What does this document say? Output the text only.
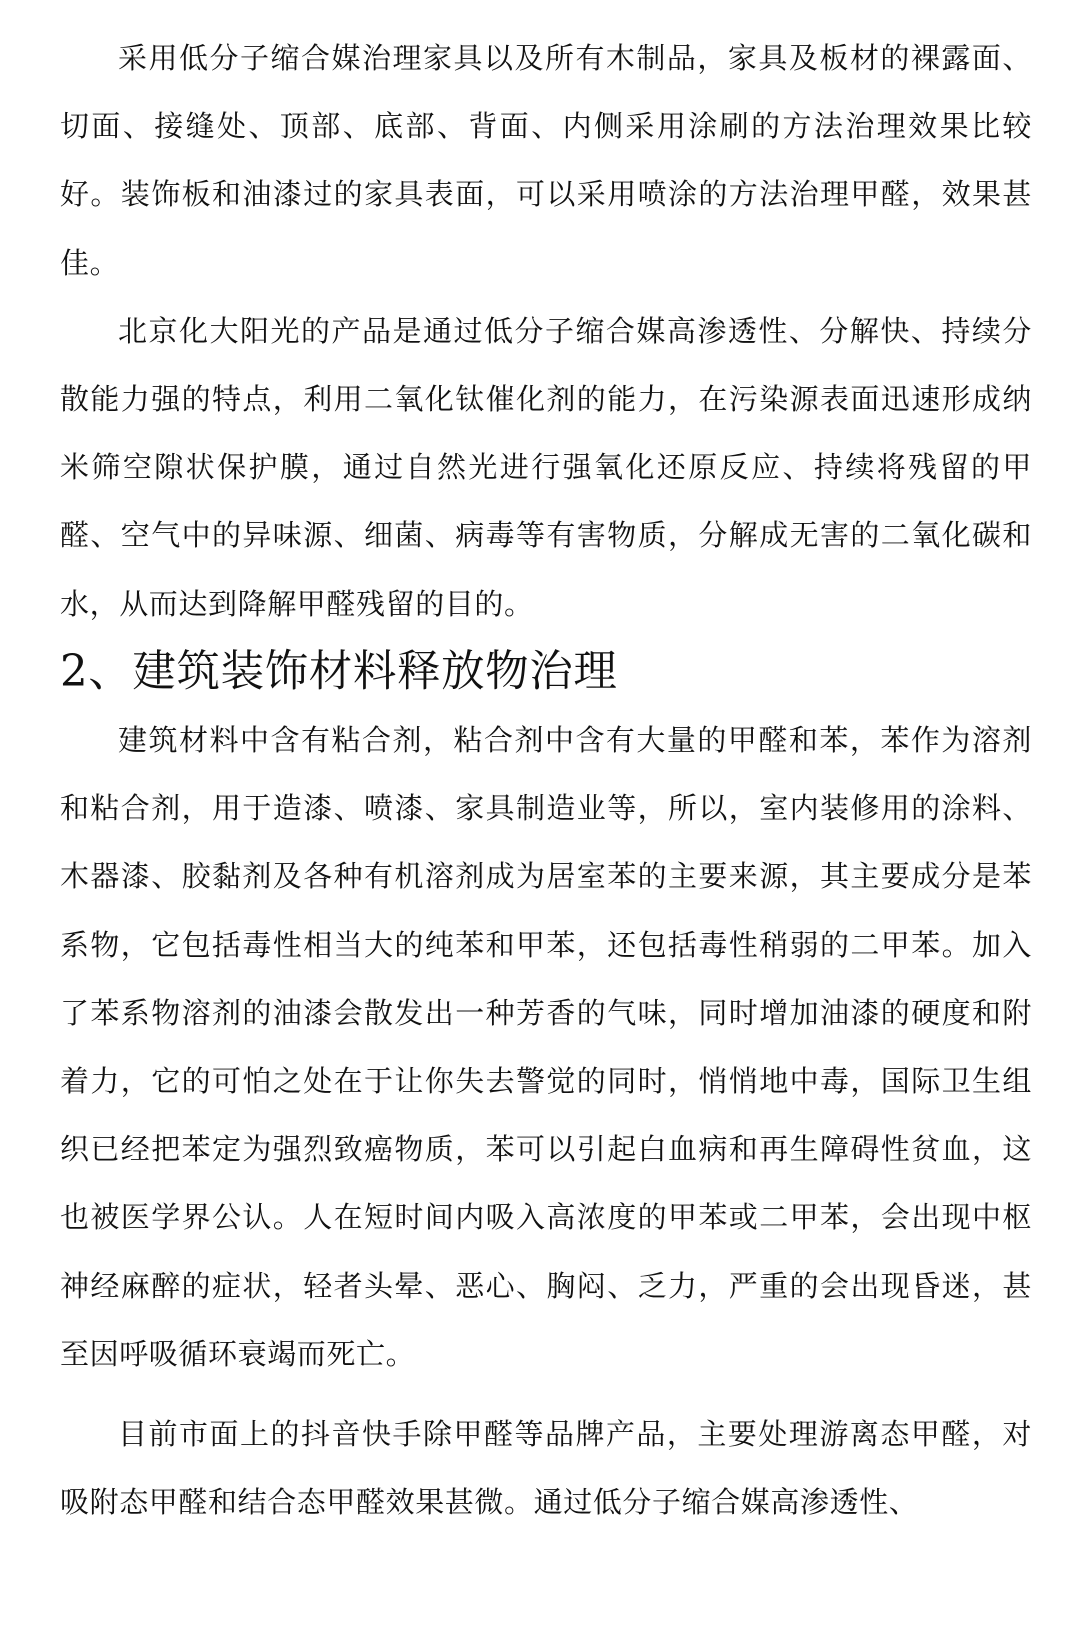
采用低分子缩合媒治理家具以及所有木制品，家具及板材的裸露面、切面、接缝处、顶部、底部、背面、内侧采用涂刷的方法治理效果比较好。装饰板和油漆过的家具表面，可以采用喷涂的方法治理甲醛，效果甚佳。

北京化大阳光的产品是通过低分子缩合媒高渗透性、分解快、持续分散能力强的特点，利用二氧化钛催化剂的能力，在污染源表面迅速形成纳米筛空隙状保护膜，通过自然光进行强氧化还原反应、持续将残留的甲醛、空气中的异味源、细菌、病毒等有害物质，分解成无害的二氧化碳和水，从而达到降解甲醛残留的目的。

2、建筑装饰材料释放物治理

建筑材料中含有粘合剂，粘合剂中含有大量的甲醛和苯，苯作为溶剂和粘合剂，用于造漆、喷漆、家具制造业等，所以，室内装修用的涂料、木器漆、胶黏剂及各种有机溶剂成为居室苯的主要来源，其主要成分是苯系物，它包括毒性相当大的纯苯和甲苯，还包括毒性稍弱的二甲苯。加入了苯系物溶剂的油漆会散发出一种芳香的气味，同时增加油漆的硬度和附着力，它的可怕之处在于让你失去警觉的同时，悄悄地中毒，国际卫生组织已经把苯定为强烈致癌物质，苯可以引起白血病和再生障碍性贫血，这也被医学界公认。人在短时间内吸入高浓度的甲苯或二甲苯，会出现中枢神经麻醉的症状，轻者头晕、恶心、胸闷、乏力，严重的会出现昏迷，甚至因呼吸循环衰竭而死亡。

目前市面上的抖音快手除甲醛等品牌产品，主要处理游离态甲醛，对吸附态甲醛和结合态甲醛效果甚微。通过低分子缩合媒高渗透性、
